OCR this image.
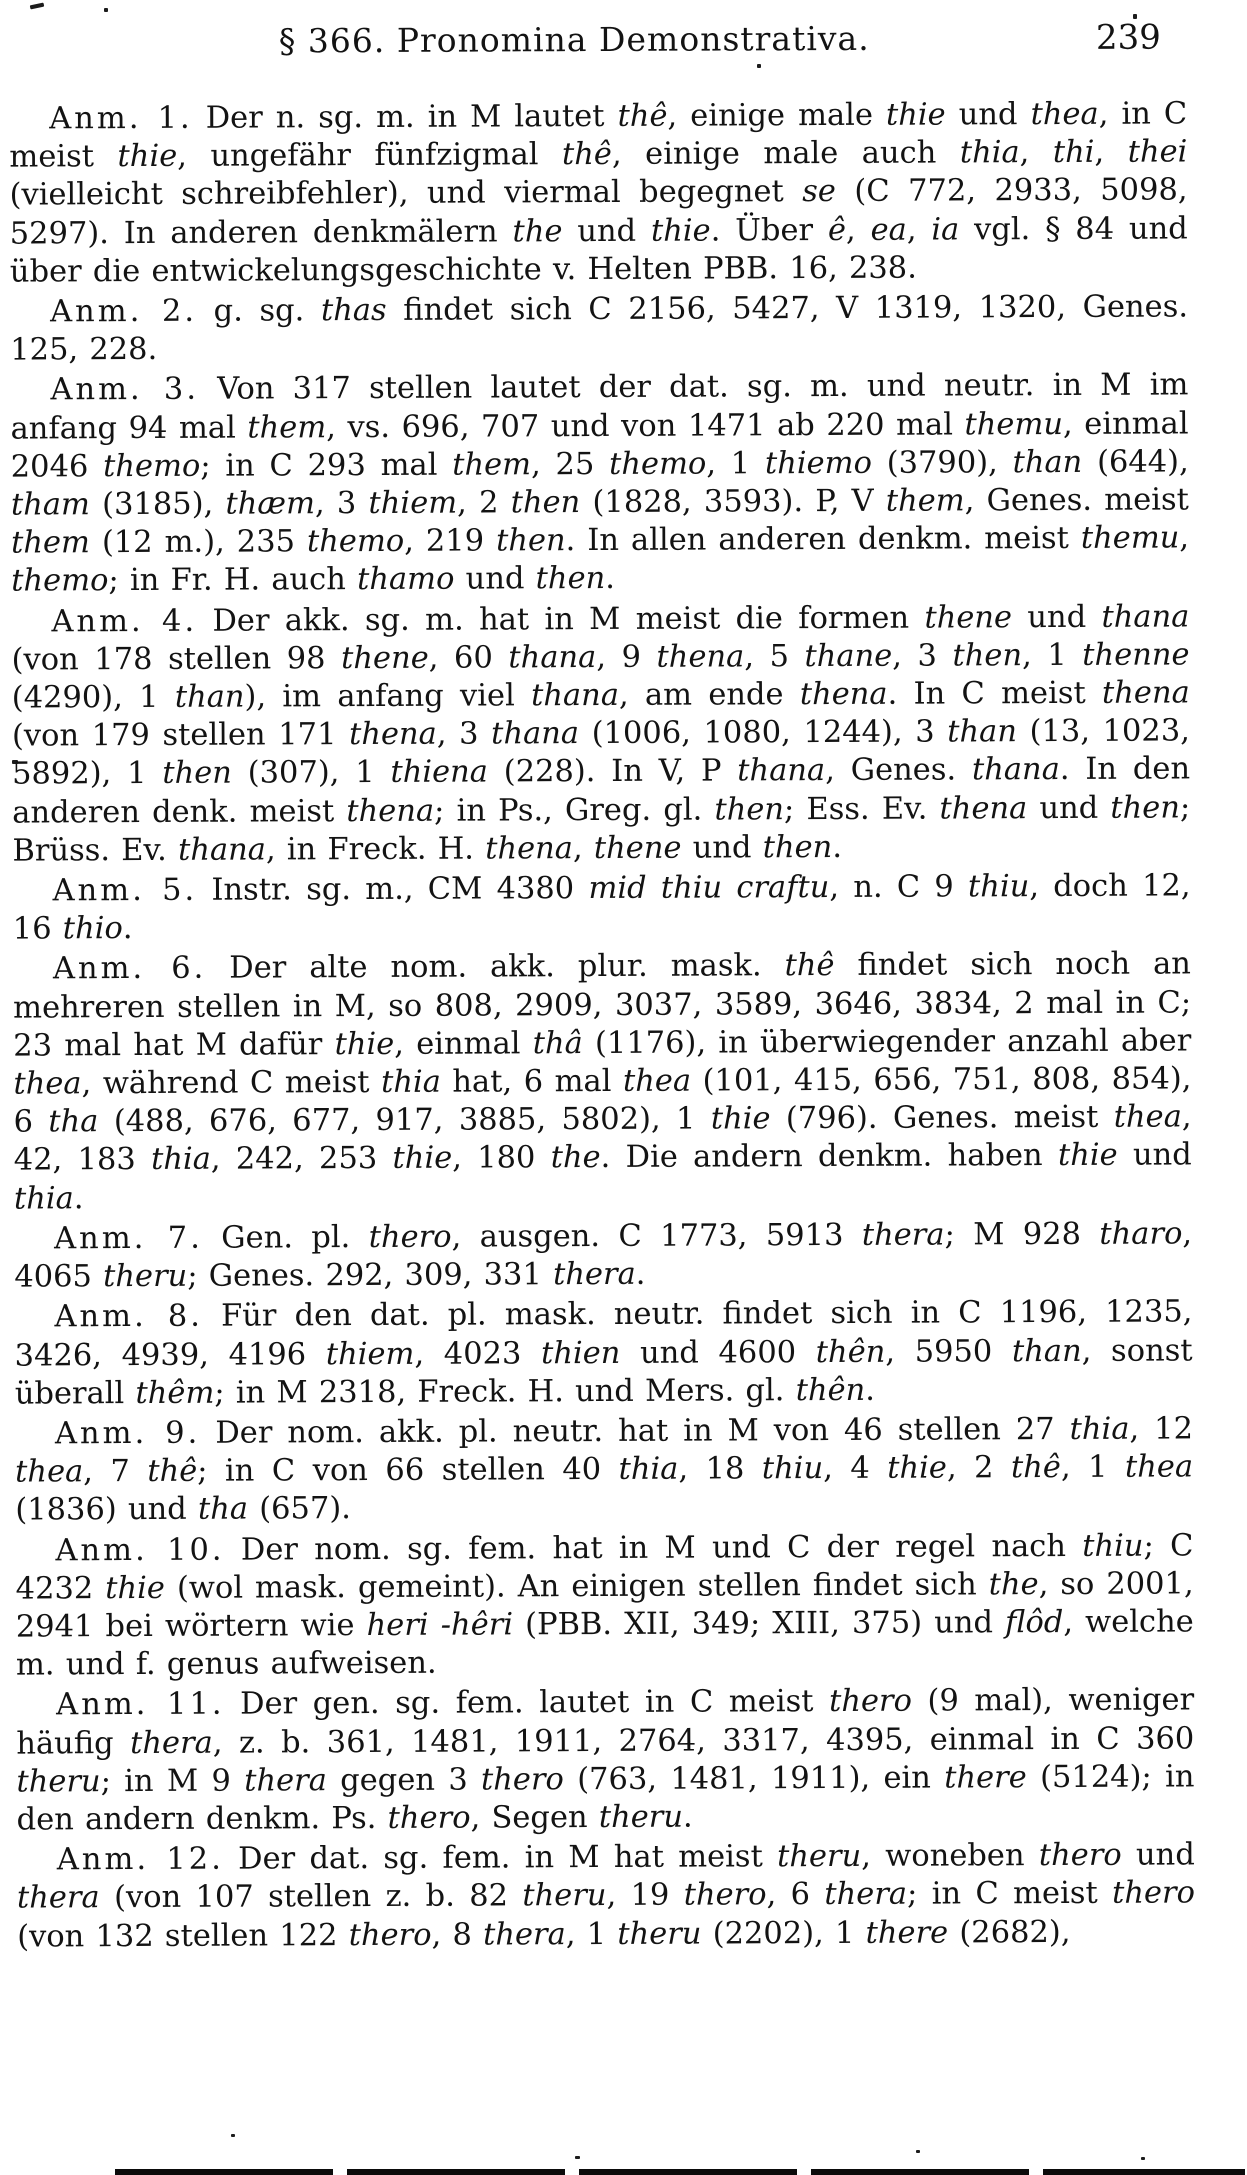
§ 366. Pronomina Demonstrativa.	239

Anm. 1. Der n. sg. m. in M lautet thê, einige male thie und thea, in C meist thie, ungefähr fünfzigmal thê, einige male auch thia, thi, thei (vielleicht schreibfehler), und viermal begegnet se (C 772, 2933, 5098, 5297). In anderen denkmälern the und thie. Über ê, ea, ia vgl. § 84 und über die entwickelungsgeschichte v. Helten PBB. 16, 238.

Anm. 2. g. sg. thas findet sich C 2156, 5427, V 1319, 1320, Genes. 125, 228.

Anm. 3. Von 317 stellen lautet der dat. sg. m. und neutr. in M im anfang 94 mal them, vs. 696, 707 und von 1471 ab 220 mal themu, einmal 2046 themo; in C 293 mal them, 25 themo, 1 thiemo (3790), than (644), tham (3185), thæm, 3 thiem, 2 then (1828, 3593). P, V them, Genes. meist them (12 m.), 235 themo, 219 then. In allen anderen denkm. meist themu, themo; in Fr. H. auch thamo und then.

Anm. 4. Der akk. sg. m. hat in M meist die formen thene und thana (von 178 stellen 98 thene, 60 thana, 9 thena, 5 thane, 3 then, 1 thenne (4290), 1 than), im anfang viel thana, am ende thena. In C meist thena (von 179 stellen 171 thena, 3 thana (1006, 1080, 1244), 3 than (13, 1023, 5892), 1 then (307), 1 thiena (228). In V, P thana, Genes. thana. In den anderen denk. meist thena; in Ps., Greg. gl. then; Ess. Ev. thena und then; Brüss. Ev. thana, in Freck. H. thena, thene und then.

Anm. 5. Instr. sg. m., CM 4380 mid thiu craftu, n. C 9 thiu, doch 12, 16 thio.

Anm. 6. Der alte nom. akk. plur. mask. thê findet sich noch an mehreren stellen in M, so 808, 2909, 3037, 3589, 3646, 3834, 2 mal in C; 23 mal hat M dafür thie, einmal thâ (1176), in überwiegender anzahl aber thea, während C meist thia hat, 6 mal thea (101, 415, 656, 751, 808, 854), 6 tha (488, 676, 677, 917, 3885, 5802), 1 thie (796). Genes. meist thea, 42, 183 thia, 242, 253 thie, 180 the. Die andern denkm. haben thie und thia.

Anm. 7. Gen. pl. thero, ausgen. C 1773, 5913 thera; M 928 tharo, 4065 theru; Genes. 292, 309, 331 thera.

Anm. 8. Für den dat. pl. mask. neutr. findet sich in C 1196, 1235, 3426, 4939, 4196 thiem, 4023 thien und 4600 thên, 5950 than, sonst überall thêm; in M 2318, Freck. H. und Mers. gl. thên.

Anm. 9. Der nom. akk. pl. neutr. hat in M von 46 stellen 27 thia, 12 thea, 7 thê; in C von 66 stellen 40 thia, 18 thiu, 4 thie, 2 thê, 1 thea (1836) und tha (657).

Anm. 10. Der nom. sg. fem. hat in M und C der regel nach thiu; C 4232 thie (wol mask. gemeint). An einigen stellen findet sich the, so 2001, 2941 bei wörtern wie heri -hêri (PBB. XII, 349; XIII, 375) und flôd, welche m. und f. genus aufweisen.

Anm. 11. Der gen. sg. fem. lautet in C meist thero (9 mal), weniger häufig thera, z. b. 361, 1481, 1911, 2764, 3317, 4395, einmal in C 360 theru; in M 9 thera gegen 3 thero (763, 1481, 1911), ein there (5124); in den andern denkm. Ps. thero, Segen theru.

Anm. 12. Der dat. sg. fem. in M hat meist theru, woneben thero und thera (von 107 stellen z. b. 82 theru, 19 thero, 6 thera; in C meist thero (von 132 stellen 122 thero, 8 thera, 1 theru (2202), 1 there (2682),
